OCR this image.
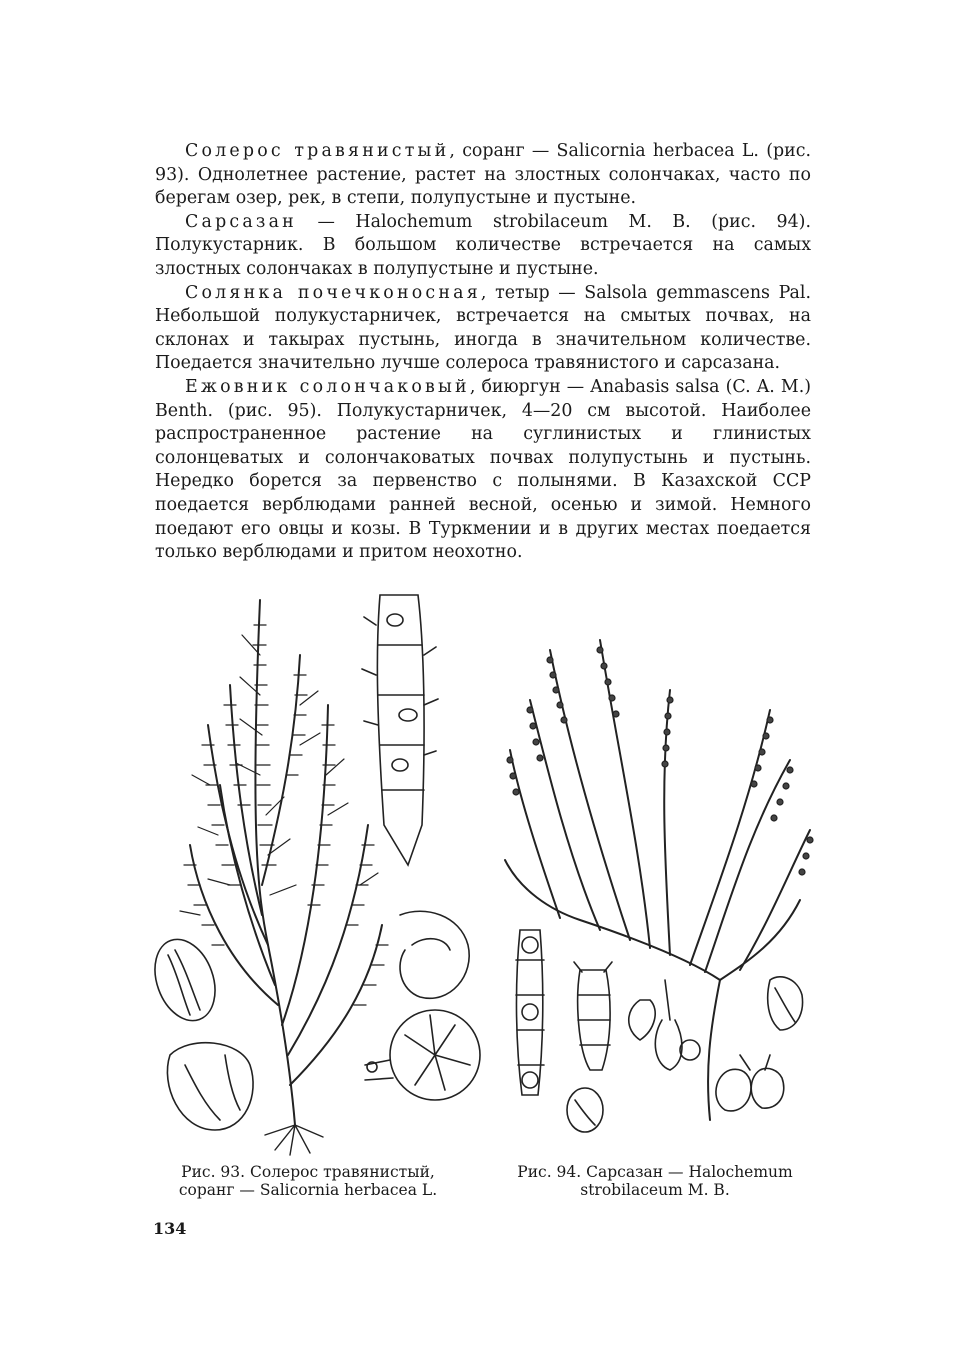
Солерос травянистый, соранг — Salicornia herbacea L. (рис. 93). Однолетнее растение, растет на злостных солончаках, часто по берегам озер, рек, в степи, полупустыне и пустыне.

Сарсазан — Halochemum strobilaceum M. B. (рис. 94). Полукустарник. В большом количестве встречается на самых злостных солончаках в полупустыне и пустыне.

Солянка почечконосная, тетыр — Salsola gemmascens Pal. Небольшой полукустарничек, встречается на смытых почвах, на склонах и такырах пустынь, иногда в значительном количестве. Поедается значительно лучше солероса травянистого и сарсазана.

Ежовник солончаковый, биюргун — Anabasis salsa (C. A. M.) Benth. (рис. 95). Полукустарничек, 4—20 см высотой. Наиболее распространенное растение на суглинистых и глинистых солонцеватых и солончаковатых почвах полупустынь и пустынь. Нередко борется за первенство с полынями. В Казахской ССР поедается верблюдами ранней весной, осенью и зимой. Немного поедают его овцы и козы. В Туркмении и в других местах поедается только верблюдами и притом неохотно.

Рис. 93. Солерос травянистый, соранг — Salicornia herbacea L.
Рис. 94. Сарсазан — Halochemum strobilaceum M. B.
134
